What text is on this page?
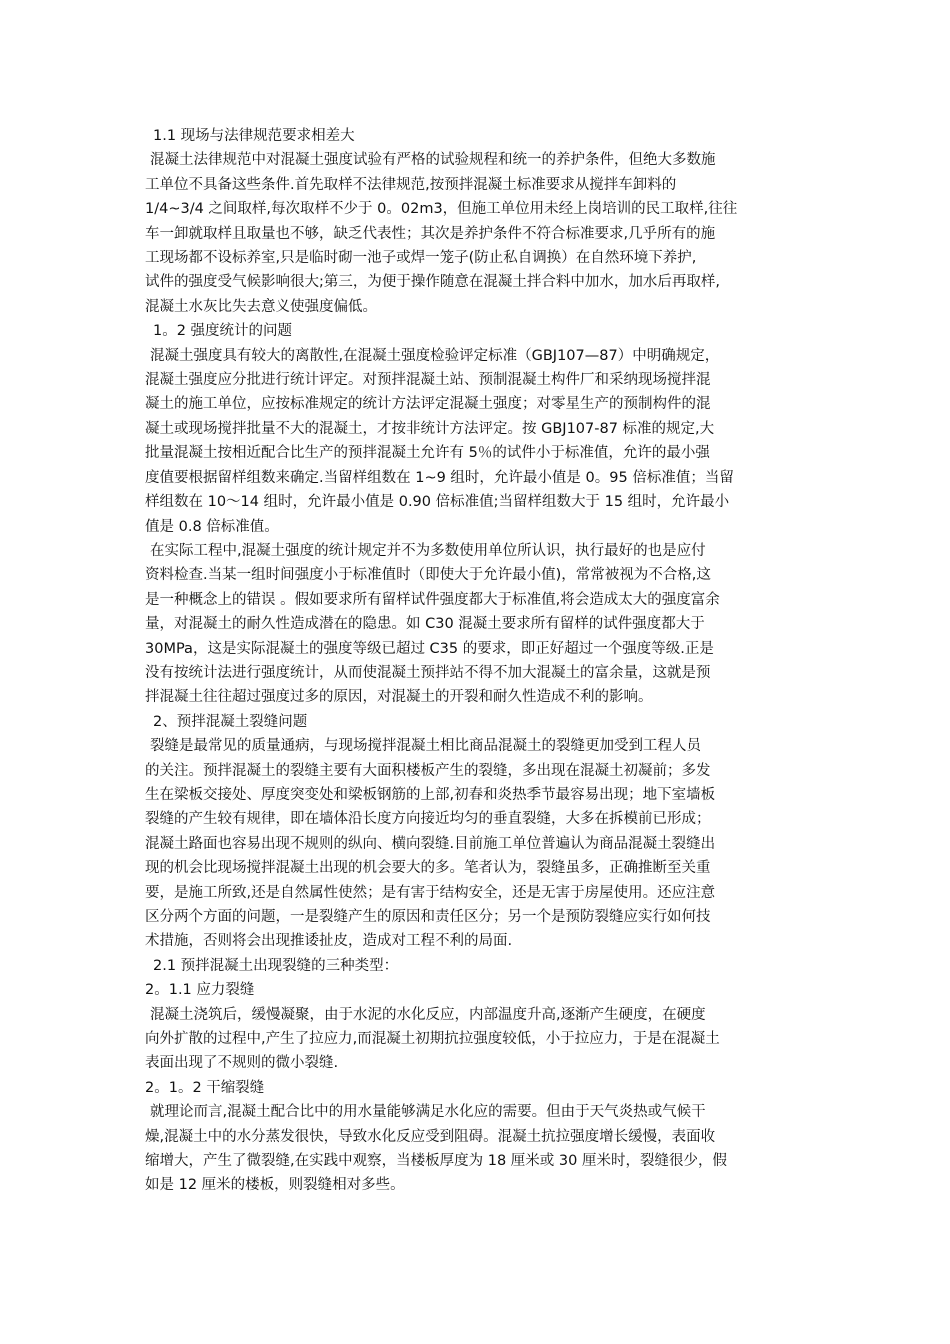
1.1 现场与法律规范要求相差大
混凝土法律规范中对混凝土强度试验有严格的试验规程和统一的养护条件，但绝大多数施
工单位不具备这些条件.首先取样不法律规范,按预拌混凝土标准要求从搅拌车卸料的
1/4~3/4 之间取样,每次取样不少于 0。02m3，但施工单位用未经上岗培训的民工取样,往往
车一卸就取样且取量也不够，缺乏代表性；其次是养护条件不符合标准要求,几乎所有的施
工现场都不设标养室,只是临时砌一池子或焊一笼子(防止私自调换）在自然环境下养护,
试件的强度受气候影响很大;第三，为便于操作随意在混凝土拌合料中加水，加水后再取样,
混凝土水灰比失去意义使强度偏低。
1。2 强度统计的问题
混凝土强度具有较大的离散性,在混凝土强度检验评定标准（GBJ107—87）中明确规定，
混凝土强度应分批进行统计评定。对预拌混凝土站、预制混凝土构件厂和采纳现场搅拌混
凝土的施工单位，应按标准规定的统计方法评定混凝土强度；对零星生产的预制构件的混
凝土或现场搅拌批量不大的混凝土，才按非统计方法评定。按 GBJ107-87 标准的规定,大
批量混凝土按相近配合比生产的预拌混凝土允许有 5％的试件小于标准值，允许的最小强
度值要根据留样组数来确定.当留样组数在 1~9 组时，允许最小值是 0。95 倍标准值；当留
样组数在 10～14 组时，允许最小值是 0.90 倍标准值;当留样组数大于 15 组时，允许最小
值是 0.8 倍标准值。
在实际工程中,混凝土强度的统计规定并不为多数使用单位所认识，执行最好的也是应付
资料检查.当某一组时间强度小于标准值时（即使大于允许最小值)，常常被视为不合格,这
是一种概念上的错误 。假如要求所有留样试件强度都大于标准值,将会造成太大的强度富余
量，对混凝土的耐久性造成潜在的隐患。如 C30 混凝土要求所有留样的试件强度都大于
30MPa，这是实际混凝土的强度等级已超过 C35 的要求，即正好超过一个强度等级.正是
没有按统计法进行强度统计，从而使混凝土预拌站不得不加大混凝土的富余量，这就是预
拌混凝土往往超过强度过多的原因，对混凝土的开裂和耐久性造成不利的影响。
2、预拌混凝土裂缝问题
裂缝是最常见的质量通病，与现场搅拌混凝土相比商品混凝土的裂缝更加受到工程人员
的关注。预拌混凝土的裂缝主要有大面积楼板产生的裂缝，多出现在混凝土初凝前；多发
生在梁板交接处、厚度突变处和梁板钢筋的上部,初春和炎热季节最容易出现；地下室墙板
裂缝的产生较有规律，即在墙体沿长度方向接近均匀的垂直裂缝，大多在拆模前已形成；
混凝土路面也容易出现不规则的纵向、横向裂缝.目前施工单位普遍认为商品混凝土裂缝出
现的机会比现场搅拌混凝土出现的机会要大的多。笔者认为，裂缝虽多，正确推断至关重
要，是施工所致,还是自然属性使然；是有害于结构安全，还是无害于房屋使用。还应注意
区分两个方面的问题，一是裂缝产生的原因和责任区分；另一个是预防裂缝应实行如何技
术措施，否则将会出现推诿扯皮，造成对工程不利的局面.
2.1 预拌混凝土出现裂缝的三种类型：
2。1.1 应力裂缝
混凝土浇筑后，缓慢凝聚，由于水泥的水化反应，内部温度升高,逐渐产生硬度，在硬度
向外扩散的过程中,产生了拉应力,而混凝土初期抗拉强度较低，小于拉应力，于是在混凝土
表面出现了不规则的微小裂缝.
2。1。2 干缩裂缝
就理论而言,混凝土配合比中的用水量能够满足水化应的需要。但由于天气炎热或气候干
燥,混凝土中的水分蒸发很快，导致水化反应受到阻碍。混凝土抗拉强度增长缓慢，表面收
缩增大，产生了微裂缝,在实践中观察，当楼板厚度为 18 厘米或 30 厘米时，裂缝很少，假
如是 12 厘米的楼板，则裂缝相对多些。
